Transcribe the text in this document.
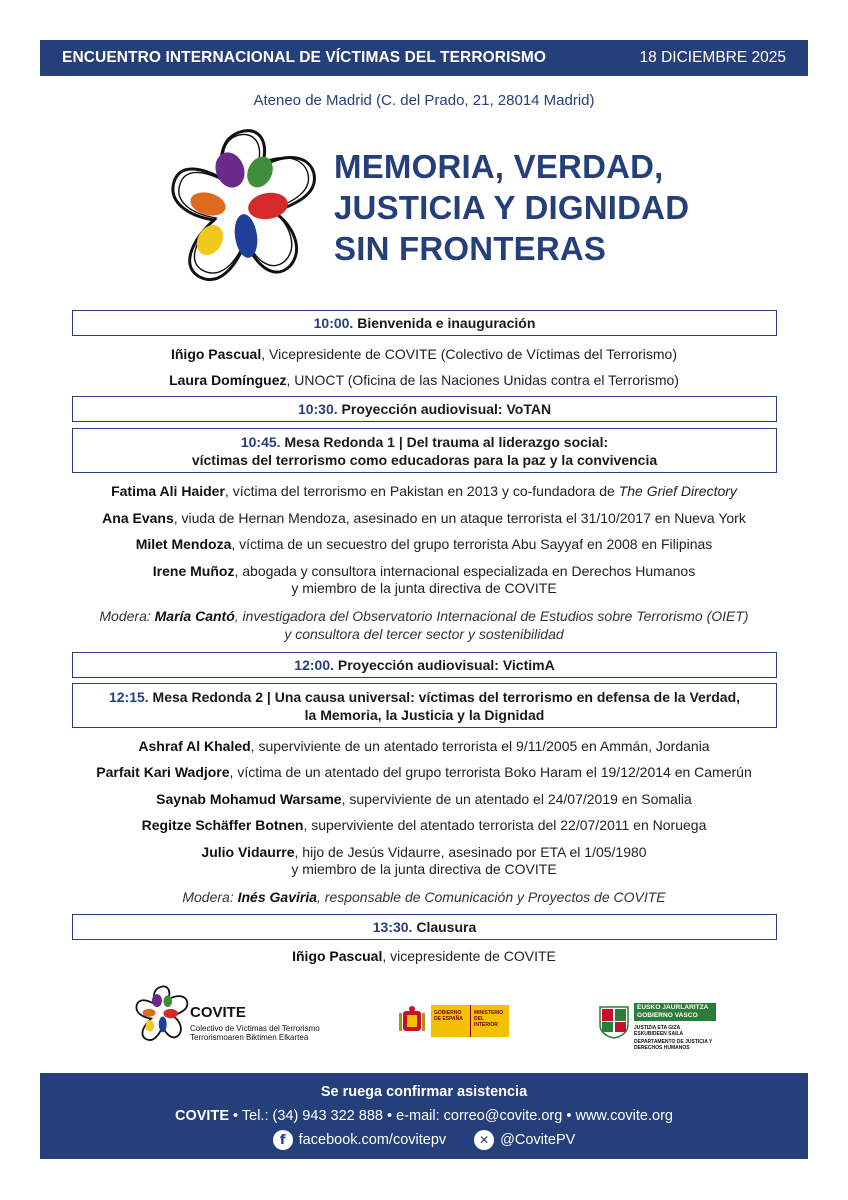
ENCUENTRO INTERNACIONAL DE VÍCTIMAS DEL TERRORISMO	18 DICIEMBRE 2025
Ateneo de Madrid (C. del Prado, 21, 28014 Madrid)
MEMORIA, VERDAD,
JUSTICIA Y DIGNIDAD
SIN FRONTERAS
10:00. Bienvenida e inauguración
Iñigo Pascual, Vicepresidente de COVITE (Colectivo de Víctimas del Terrorismo)
Laura Domínguez, UNOCT (Oficina de las Naciones Unidas contra el Terrorismo)
10:30. Proyección audiovisual: VoTAN
10:45. Mesa Redonda 1 | Del trauma al liderazgo social:
víctimas del terrorismo como educadoras para la paz y la convivencia
Fatima Ali Haider, víctima del terrorismo en Pakistan en 2013 y co-fundadora de The Grief Directory
Ana Evans, viuda de Hernan Mendoza, asesinado en un ataque terrorista el 31/10/2017 en Nueva York
Milet Mendoza, víctima de un secuestro del grupo terrorista Abu Sayyaf en 2008 en Filipinas
Irene Muñoz, abogada y consultora internacional especializada en Derechos Humanos
y miembro de la junta directiva de COVITE
Modera: María Cantó, investigadora del Observatorio Internacional de Estudios sobre Terrorismo (OIET)
y consultora del tercer sector y sostenibilidad
12:00. Proyección audiovisual: VictimA
12:15. Mesa Redonda 2 | Una causa universal: víctimas del terrorismo en defensa de la Verdad,
la Memoria, la Justicia y la Dignidad
Ashraf Al Khaled, superviviente de un atentado terrorista el 9/11/2005 en Ammán, Jordania
Parfait Kari Wadjore, víctima de un atentado del grupo terrorista Boko Haram el 19/12/2014 en Camerún
Saynab Mohamud Warsame, superviviente de un atentado el 24/07/2019 en Somalia
Regitze Schäffer Botnen, superviviente del atentado terrorista del 22/07/2011 en Noruega
Julio Vidaurre, hijo de Jesús Vidaurre, asesinado por ETA el 1/05/1980
y miembro de la junta directiva de COVITE
Modera: Inés Gaviria, responsable de Comunicación y Proyectos de COVITE
13:30. Clausura
Iñigo Pascual, vicepresidente de COVITE
COVITE
Colectivo de Víctimas del Terrorismo
Terrorismoaren Biktimen Elkartea
GOBIERNO DE ESPAÑA
MINISTERIO DEL INTERIOR
EUSKO JAURLARITZA
GOBIERNO VASCO
JUSTIZIA ETA GIZA
ESKUBIDEEN SAILA
DEPARTAMENTO DE JUSTICIA Y
DERECHOS HUMANOS
Se ruega confirmar asistencia
COVITE • Tel.: (34) 943 322 888 • e-mail: correo@covite.org • www.covite.org
f facebook.com/covitepv	✕ @CovitePV
